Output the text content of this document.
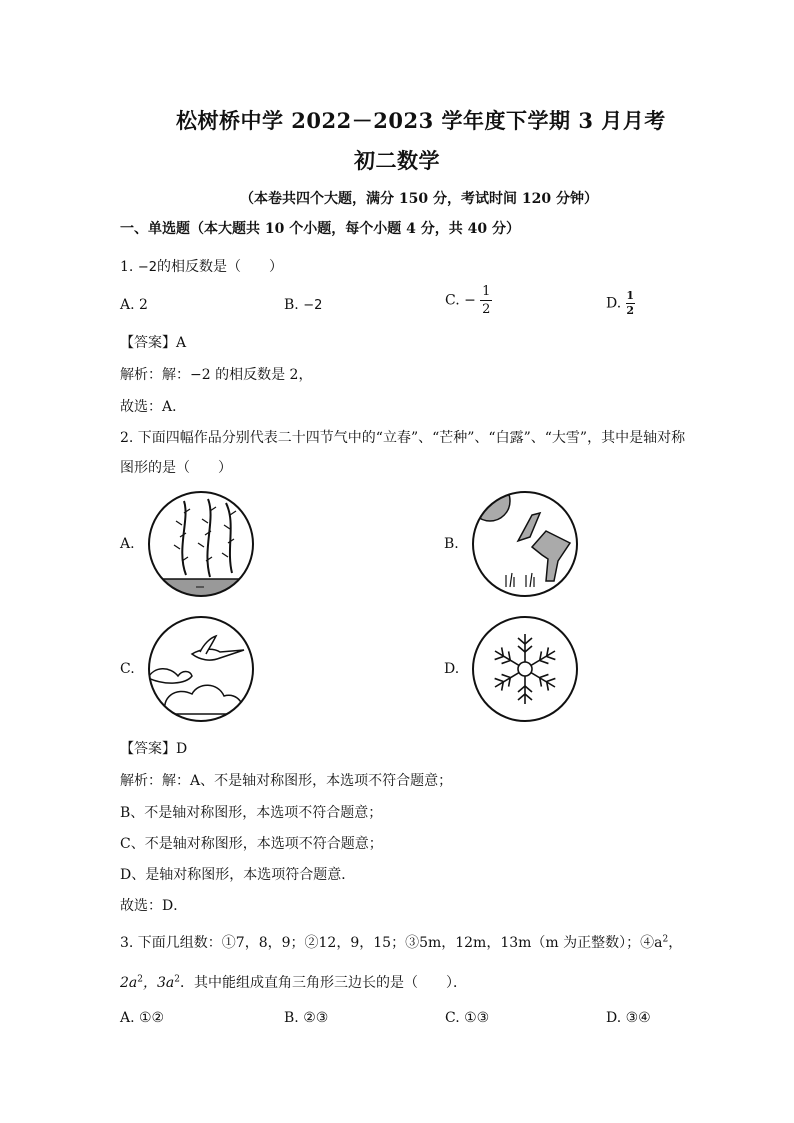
松树桥中学 2022－2023 学年度下学期 3 月月考
初二数学
（本卷共四个大题，满分 150 分，考试时间 120 分钟）
一、单选题（本大题共 10 个小题，每个小题 4 分，共 40 分）
1. −2的相反数是（　　）
A. 2	B. −2	C. − $\frac{1}{2}$	D. $\frac{1}{2}$
【答案】A
解析：解：−2 的相反数是 2，
故选：A．
2. 下面四幅作品分别代表二十四节气中的“立春”、“芒种”、“白露”、“大雪”，其中是轴对称
图形的是（　　）
A.	B.
C.	D.
【答案】D
解析：解：A、不是轴对称图形，本选项不符合题意；
B、不是轴对称图形，本选项不符合题意；
C、不是轴对称图形，本选项不符合题意；
D、是轴对称图形，本选项符合题意．
故选：D．
3. 下面几组数：①7，8，9；②12，9，15；③5m，12m，13m（m 为正整数）；$④a^2$，
$2a^2$，$3a^2$．其中能组成直角三角形三边长的是（　　）．
A. ①②	B. ②③	C. ①③	D. ③④
